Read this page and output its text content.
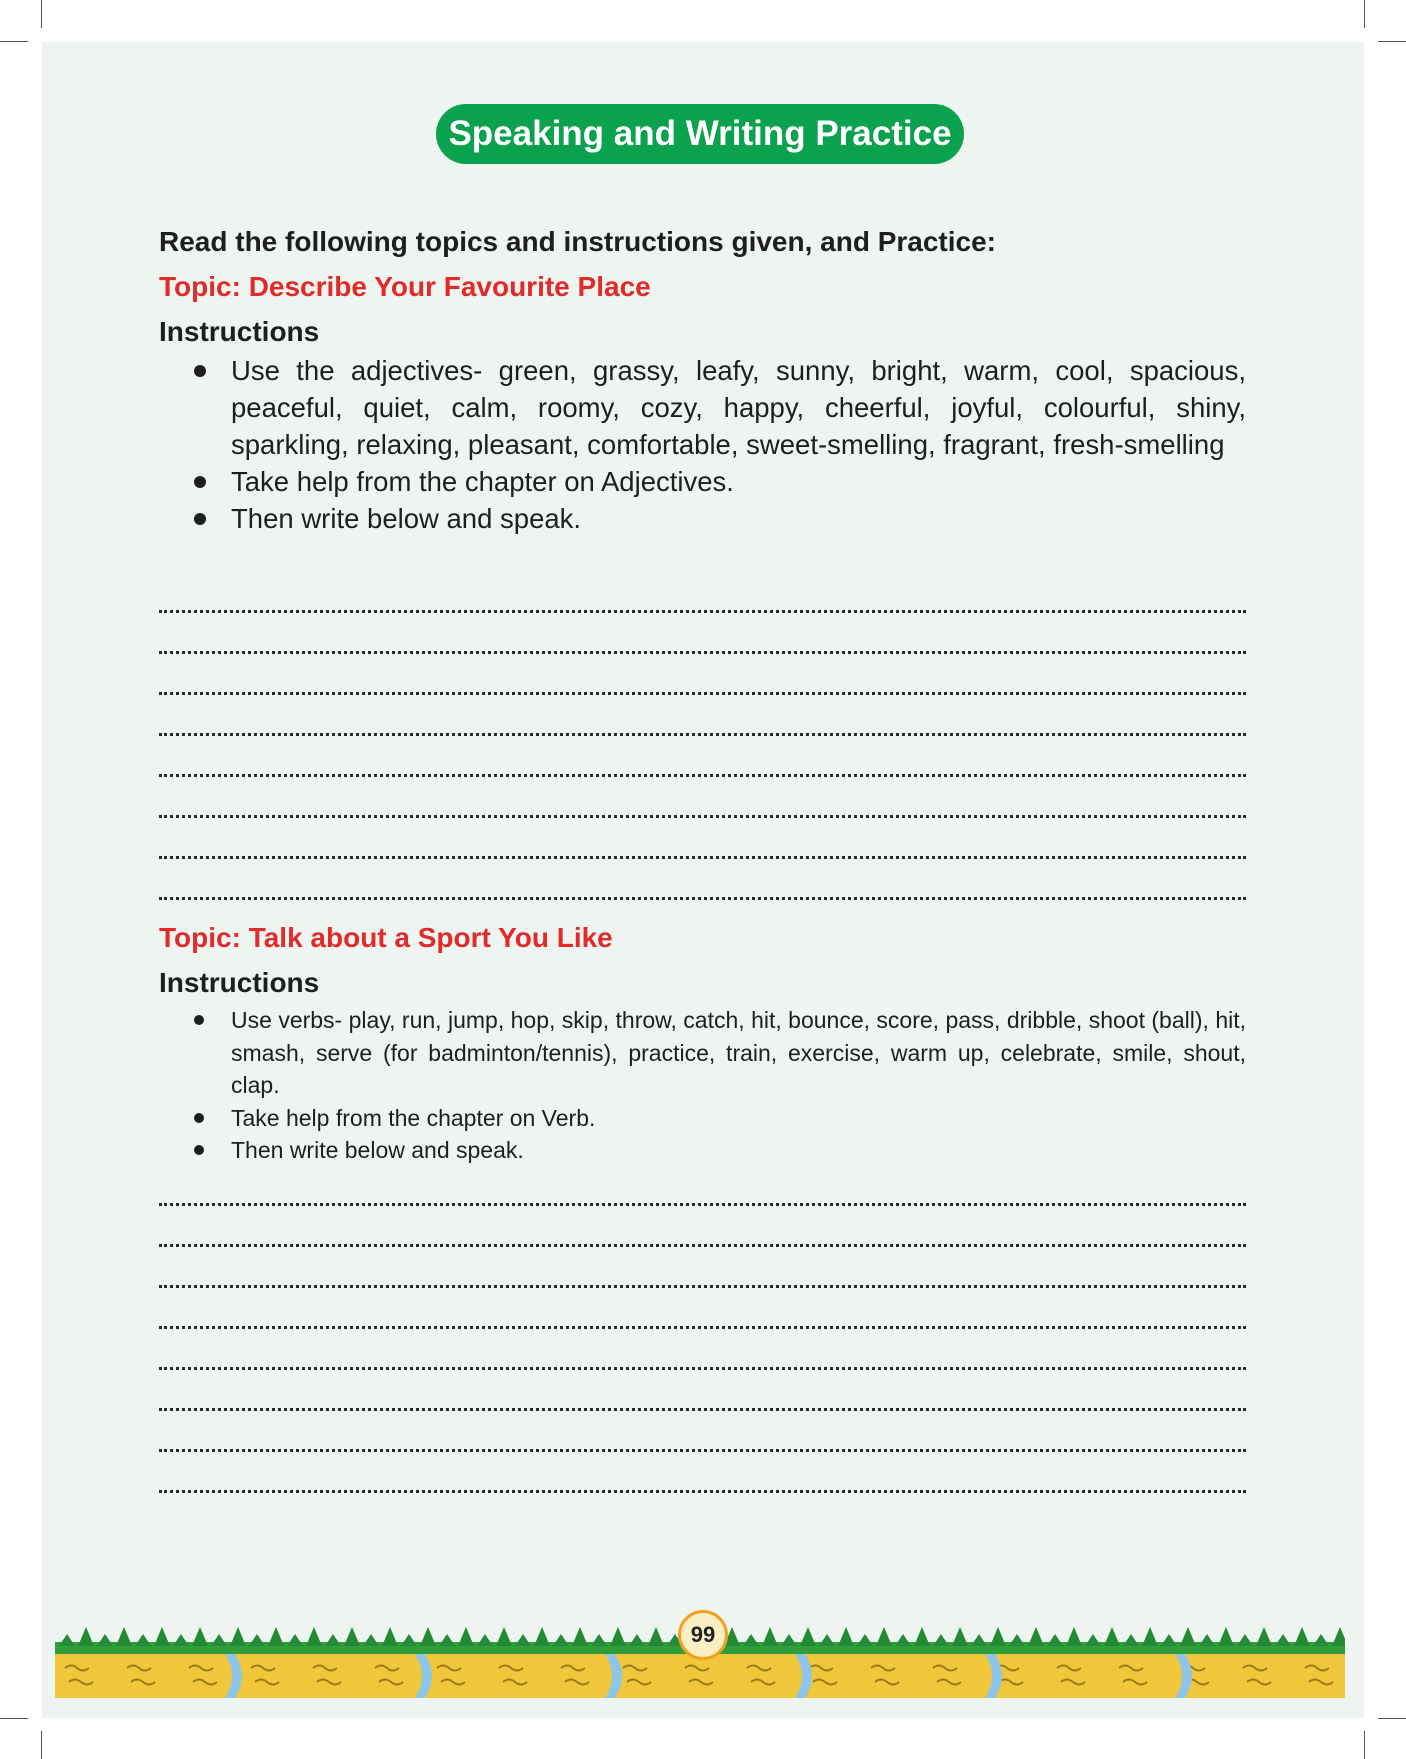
Speaking and Writing Practice
Read the following topics and instructions given, and Practice:
Topic: Describe Your Favourite Place
Instructions
Use the adjectives- green, grassy, leafy, sunny, bright, warm, cool, spacious, peaceful, quiet, calm, roomy, cozy, happy, cheerful, joyful, colourful, shiny, sparkling, relaxing, pleasant, comfortable, sweet-smelling, fragrant, fresh-smelling
Take help from the chapter on Adjectives.
Then write below and speak.
Topic: Talk about a Sport You Like
Instructions
Use verbs- play, run, jump, hop, skip, throw, catch, hit, bounce, score, pass, dribble, shoot (ball), hit, smash, serve (for badminton/tennis), practice, train, exercise, warm up, celebrate, smile, shout, clap.
Take help from the chapter on Verb.
Then write below and speak.
99
